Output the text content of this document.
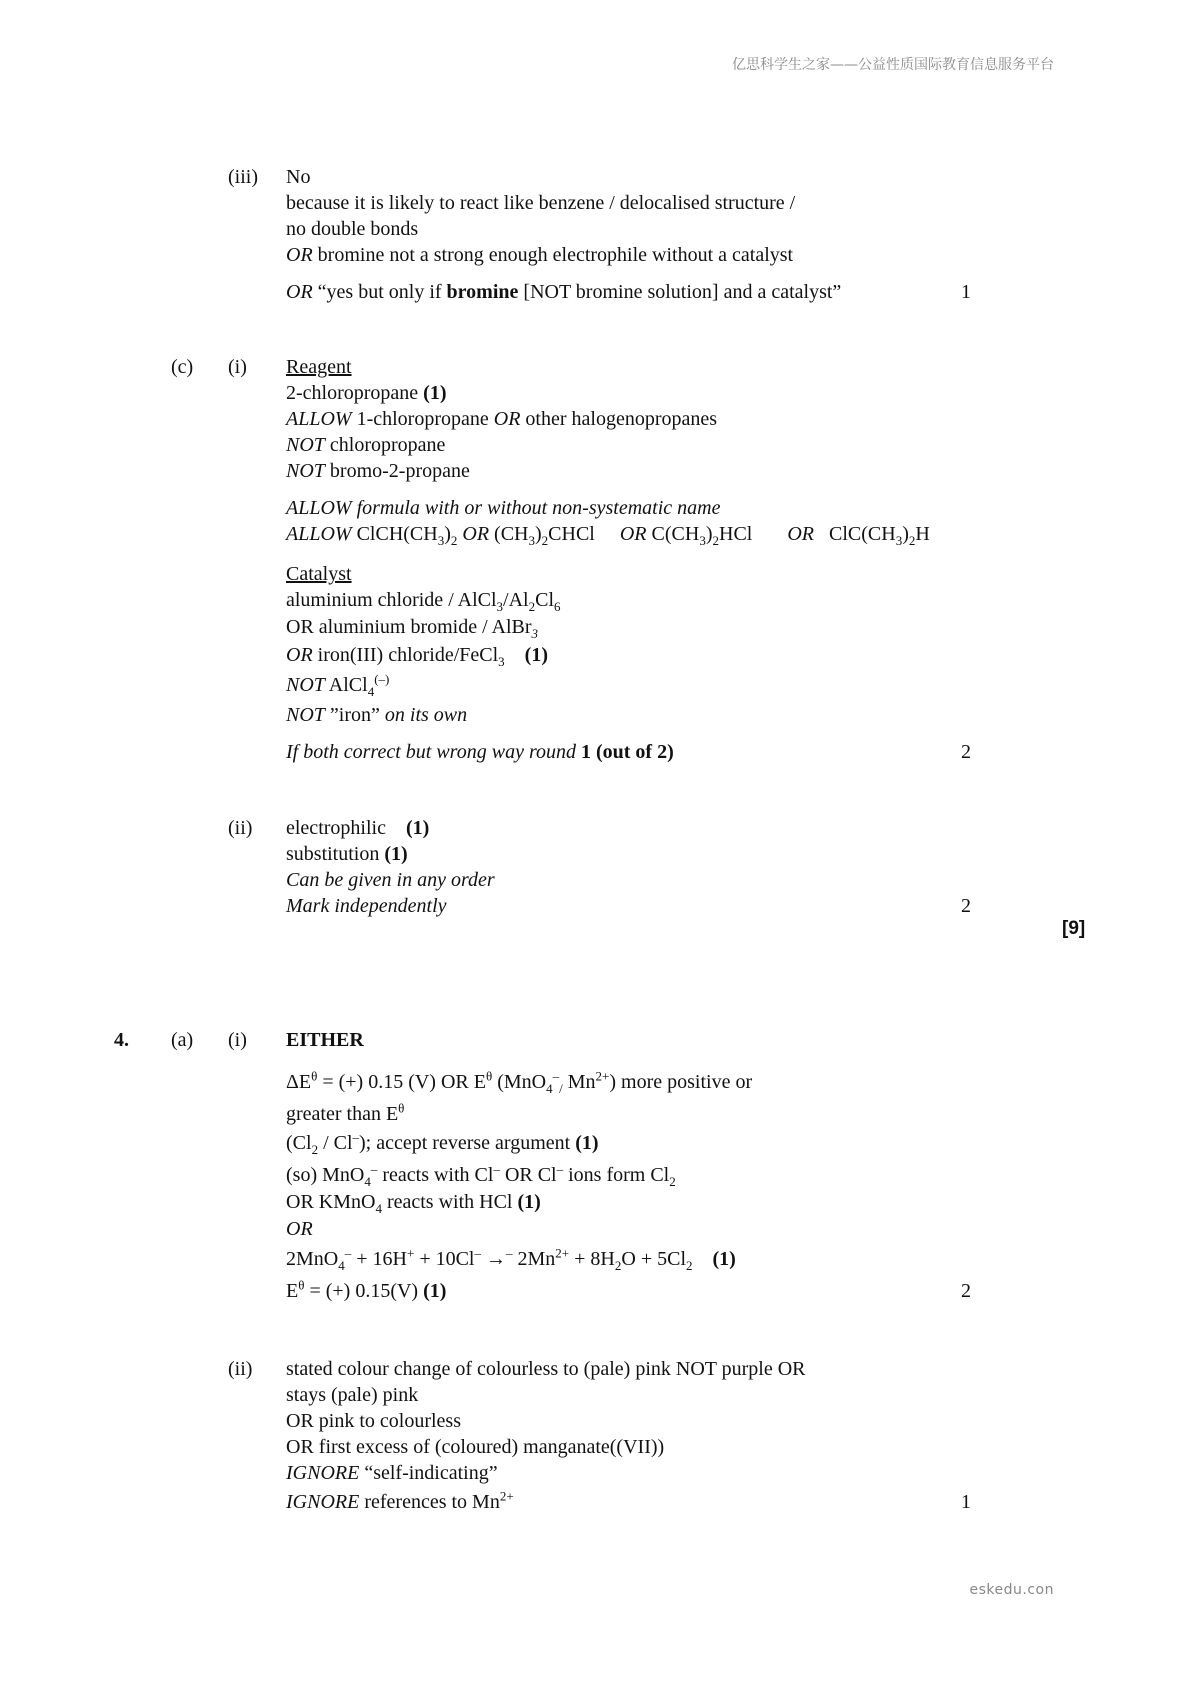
亿思科学生之家——公益性质国际教育信息服务平台
(iii) No
because it is likely to react like benzene / delocalised structure /
no double bonds
OR bromine not a strong enough electrophile without a catalyst
OR “yes but only if bromine [NOT bromine solution] and a catalyst”	1
(c) (i) Reagent
2-chloropropane (1)
ALLOW 1-chloropropane OR other halogenopropanes
NOT chloropropane
NOT bromo-2-propane
ALLOW formula with or without non-systematic name
ALLOW $ClCH(CH_3)_2$ OR $(CH_3)_2CHCl$     OR $C(CH_3)_2HCl$       OR   $ClC(CH_3)_2H$
Catalyst
aluminium chloride / $AlCl_3/Al_2Cl_6$
OR aluminium bromide / AlBr$_3$
OR iron(III) chloride/FeCl$_3$ (1)
NOT AlCl$_4$(–)
NOT ”iron” on its own
If both correct but wrong way round 1 (out of 2)	2
(ii) electrophilic    (1)
substitution (1)
Can be given in any order
Mark independently	2
[9]
4. (a) (i) EITHER
$\Delta E^\theta$ = (+) 0.15 (V) OR $E^\theta$ (MnO$_4$–$_/$ $Mn^{2+}$) more positive or
greater than $E^\theta$
$(Cl_2 / Cl^-)$; accept reverse argument (1)
(so) MnO$_4$– reacts with Cl– OR Cl– ions form $Cl_2$
OR KMnO$_4$ reacts with HCl (1)
OR
2MnO$_4$– + 16H+ + 10Cl– →– $2Mn^{2+} + 8H_2O + 5Cl_2$ (1)
$E^\theta$ = (+) 0.15(V) (1)	2
(ii) stated colour change of colourless to (pale) pink NOT purple OR
stays (pale) pink
OR pink to colourless
OR first excess of (coloured) manganate((VII))
IGNORE “self-indicating”
IGNORE references to $Mn^{2+}$	1
eskedu.con
